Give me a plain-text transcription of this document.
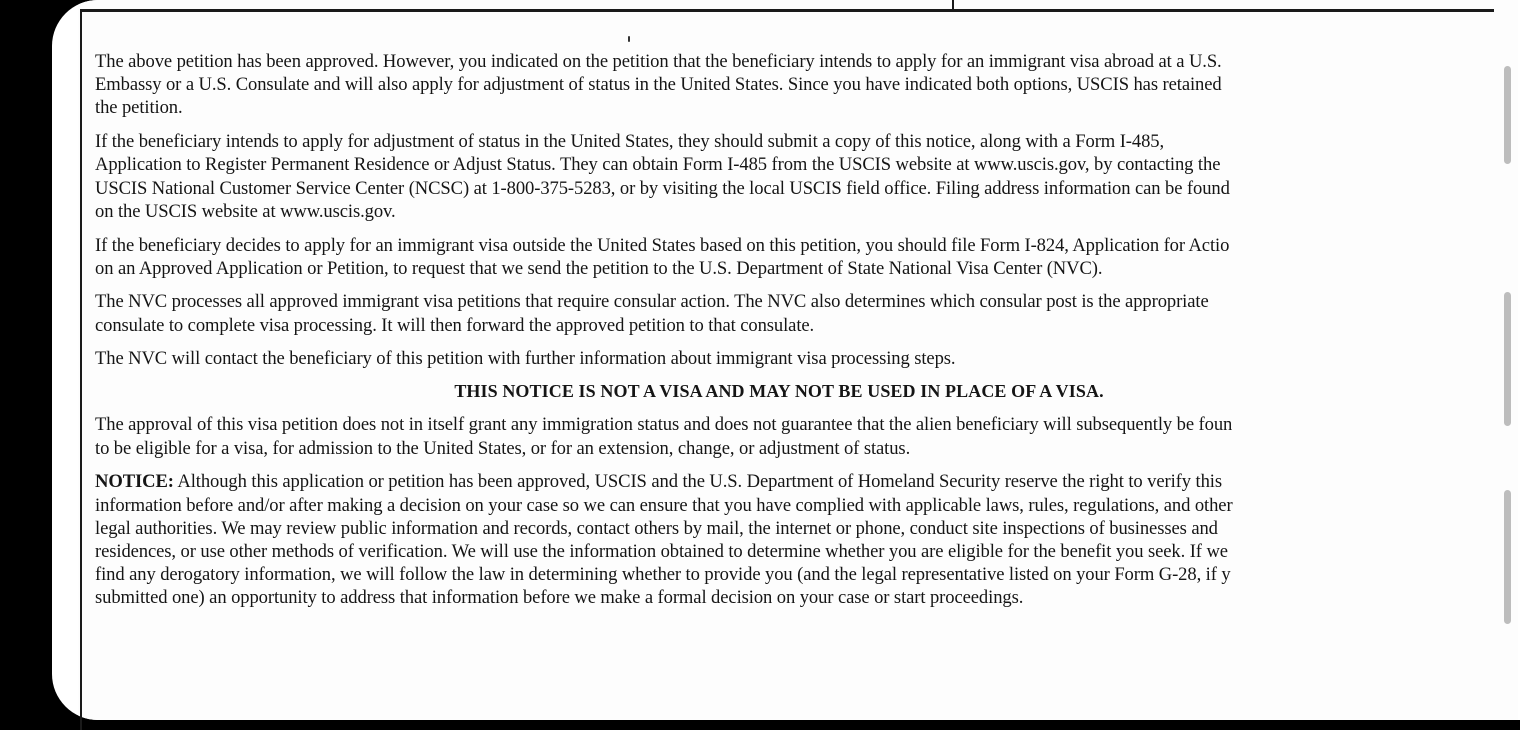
The above petition has been approved. However, you indicated on the petition that the beneficiary intends to apply for an immigrant visa abroad at a U.S.
Embassy or a U.S. Consulate and will also apply for adjustment of status in the United States. Since you have indicated both options, USCIS has retained
the petition.
If the beneficiary intends to apply for adjustment of status in the United States, they should submit a copy of this notice, along with a Form I-485,
Application to Register Permanent Residence or Adjust Status. They can obtain Form I-485 from the USCIS website at www.uscis.gov, by contacting the
USCIS National Customer Service Center (NCSC) at 1-800-375-5283, or by visiting the local USCIS field office. Filing address information can be found
on the USCIS website at www.uscis.gov.
If the beneficiary decides to apply for an immigrant visa outside the United States based on this petition, you should file Form I-824, Application for Actio
on an Approved Application or Petition, to request that we send the petition to the U.S. Department of State National Visa Center (NVC).
The NVC processes all approved immigrant visa petitions that require consular action. The NVC also determines which consular post is the appropriate
consulate to complete visa processing. It will then forward the approved petition to that consulate.
The NVC will contact the beneficiary of this petition with further information about immigrant visa processing steps.
THIS NOTICE IS NOT A VISA AND MAY NOT BE USED IN PLACE OF A VISA.
The approval of this visa petition does not in itself grant any immigration status and does not guarantee that the alien beneficiary will subsequently be foun
to be eligible for a visa, for admission to the United States, or for an extension, change, or adjustment of status.
NOTICE: Although this application or petition has been approved, USCIS and the U.S. Department of Homeland Security reserve the right to verify this
information before and/or after making a decision on your case so we can ensure that you have complied with applicable laws, rules, regulations, and other
legal authorities. We may review public information and records, contact others by mail, the internet or phone, conduct site inspections of businesses and
residences, or use other methods of verification. We will use the information obtained to determine whether you are eligible for the benefit you seek. If we
find any derogatory information, we will follow the law in determining whether to provide you (and the legal representative listed on your Form G-28, if y
submitted one) an opportunity to address that information before we make a formal decision on your case or start proceedings.
